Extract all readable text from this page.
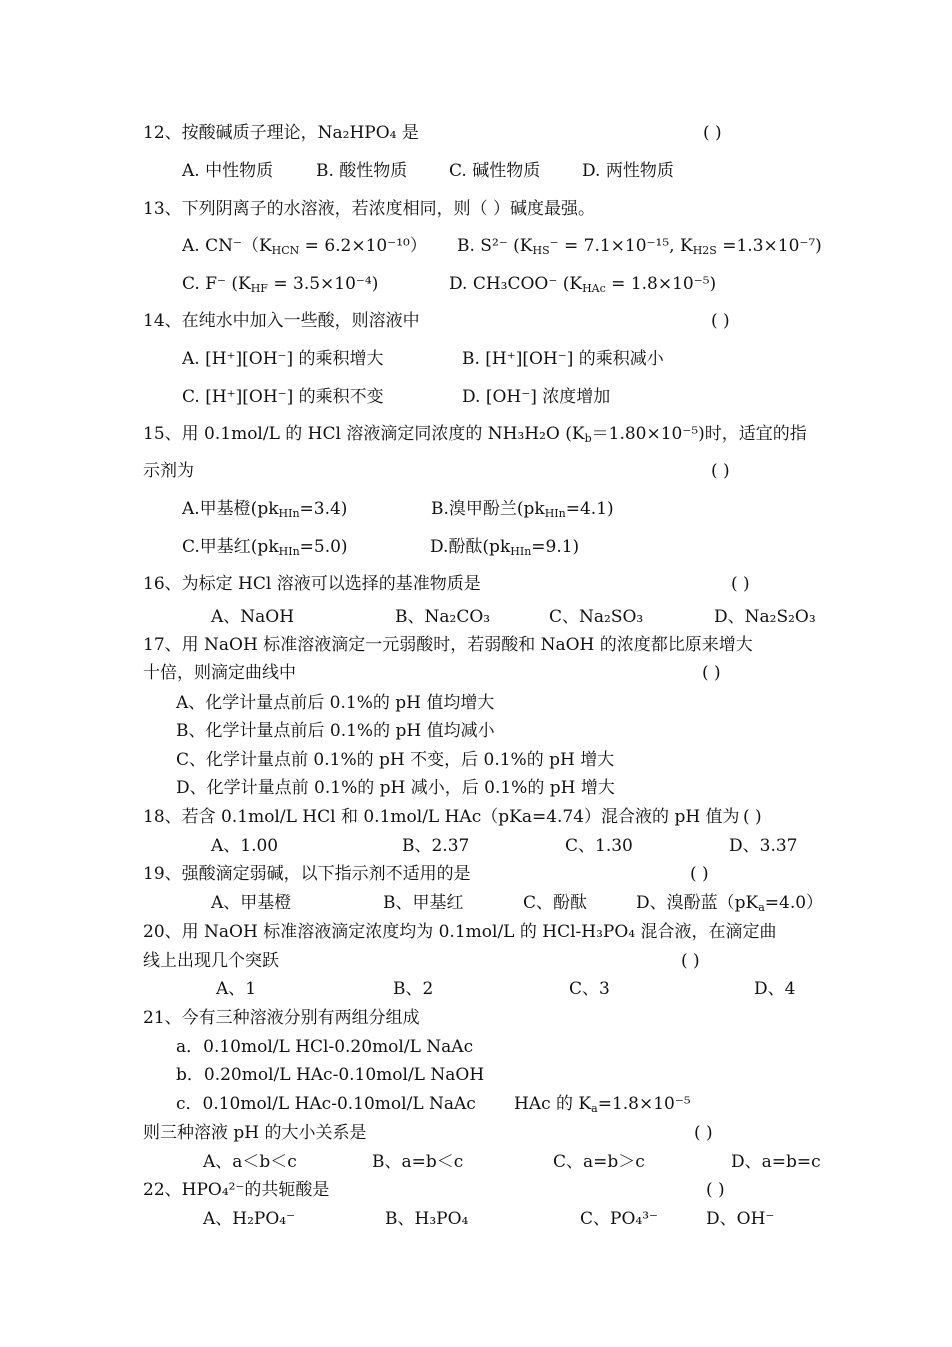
12、按酸碱质子理论，Na₂HPO₄ 是	( )
A. 中性物质	B. 酸性物质 C. 碱性物质 D. 两性物质
13、下列阴离子的水溶液，若浓度相同，则（ ）碱度最强。
A. $CN^-(K_{HCN} = 6.2\times 10^{-10})$ B. S²⁻ ($K_{HS}^- = 7.1\times 10^{-15}$, $K_{H2S} =1.3\times 10^{-7}$)
C. F⁻ $(K_{HF} = 3.5\times 10^{-4})$	D. CH₃COO⁻ $(K_{HAc} = 1.8\times 10^{-5})$
14、在纯水中加入一些酸，则溶液中	( )
A. [H⁺][OH⁻] 的乘积增大	B. [H⁺][OH⁻] 的乘积减小
C. [H⁺][OH⁻] 的乘积不变	D. [OH⁻] 浓度增加
15、用 0.1mol/L 的 HCl 溶液滴定同浓度的 NH₃H₂O $(K_b=1.80\times 10^{-5})$时，适宜的指
示剂为	( )
A.甲基橙$(pk_{HIn}=3.4)$	B.溴甲酚兰$(pk_{HIn}=4.1)$
C.甲基红$(pk_{HIn}=5.0)$	D.酚酞$(pk_{HIn}=9.1)$
16、为标定 HCl 溶液可以选择的基准物质是	( )
A、NaOH	B、Na₂CO₃	C、Na₂SO₃	D、Na₂S₂O₃
17、用 NaOH 标准溶液滴定一元弱酸时，若弱酸和 NaOH 的浓度都比原来增大
十倍，则滴定曲线中	( )
A、化学计量点前后 0.1%的 pH 值均增大
B、化学计量点前后 0.1%的 pH 值均减小
C、化学计量点前 0.1%的 pH 不变，后 0.1%的 pH 增大
D、化学计量点前 0.1%的 pH 减小，后 0.1%的 pH 增大
18、若含 0.1mol/L HCl 和 0.1mol/L HAc（pKa=4.74）混合液的 pH 值为 ( )
A、1.00	B、2.37	C、1.30	D、3.37
19、强酸滴定弱碱，以下指示剂不适用的是	( )
A、甲基橙	B、甲基红	C、酚酞	D、溴酚蓝$(pK_a=4.0)$
20、用 NaOH 标准溶液滴定浓度均为 0.1mol/L 的 HCl-H₃PO₄ 混合液，在滴定曲
线上出现几个突跃	( )
A、1	B、2	C、3	D、4
21、今有三种溶液分别有两组分组成
a．0.10mol/L HCl-0.20mol/L NaAc
b．0.20mol/L HAc-0.10mol/L NaOH
c．0.10mol/L HAc-0.10mol/L NaAc HAc 的 $K_a=1.8\times 10^{-5}$
则三种溶液 pH 的大小关系是	( )
A、a＜b＜c	B、a=b＜c	C、a=b＞c	D、a=b=c
22、HPO₄²⁻的共轭酸是	( )
A、H₂PO₄⁻	B、H₃PO₄	C、PO₄³⁻	D、OH⁻
